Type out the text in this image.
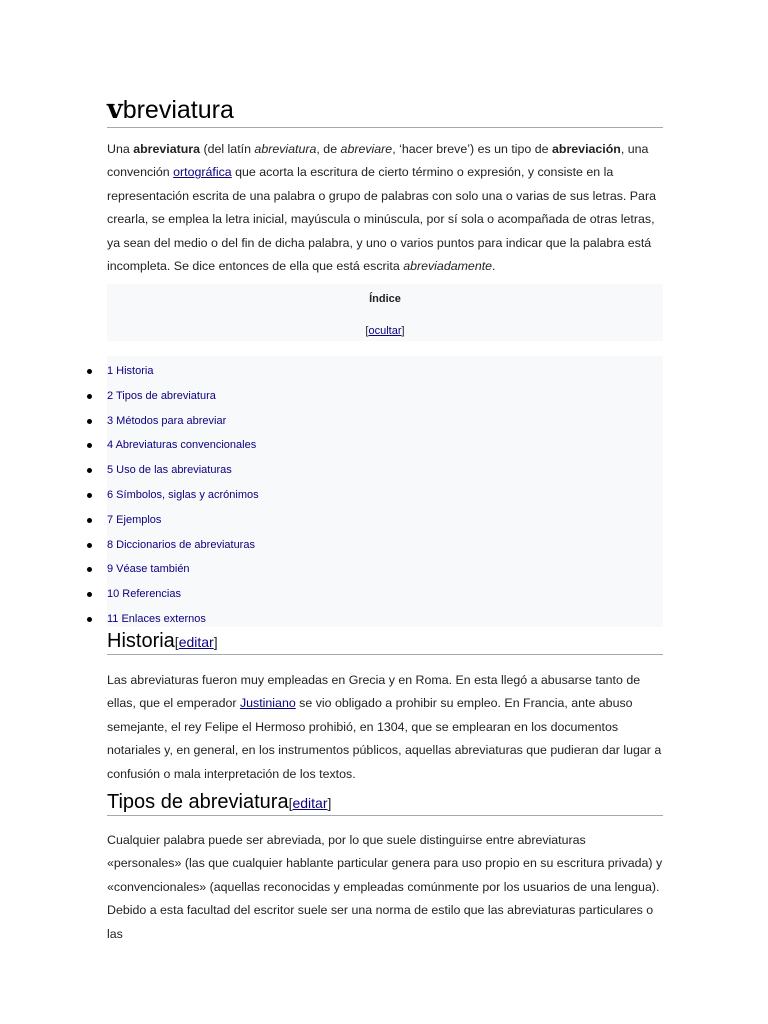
vbreviatura

Una abreviatura (del latín abreviatura, de abreviare, ‘hacer breve’) es un tipo de abreviación, una convención ortográfica que acorta la escritura de cierto término o expresión, y consiste en la representación escrita de una palabra o grupo de palabras con solo una o varias de sus letras. Para crearla, se emplea la letra inicial, mayúscula o minúscula, por sí sola o acompañada de otras letras, ya sean del medio o del fin de dicha palabra, y uno o varios puntos para indicar que la palabra está incompleta. Se dice entonces de ella que está escrita abreviadamente.

Índice
[ocultar]
1 Historia
2 Tipos de abreviatura
3 Métodos para abreviar
4 Abreviaturas convencionales
5 Uso de las abreviaturas
6 Símbolos, siglas y acrónimos
7 Ejemplos
8 Diccionarios de abreviaturas
9 Véase también
10 Referencias
11 Enlaces externos
Historia[editar]

Las abreviaturas fueron muy empleadas en Grecia y en Roma. En esta llegó a abusarse tanto de ellas, que el emperador Justiniano se vio obligado a prohibir su empleo. En Francia, ante abuso semejante, el rey Felipe el Hermoso prohibió, en 1304, que se emplearan en los documentos notariales y, en general, en los instrumentos públicos, aquellas abreviaturas que pudieran dar lugar a confusión o mala interpretación de los textos.

Tipos de abreviatura[editar]

Cualquier palabra puede ser abreviada, por lo que suele distinguirse entre abreviaturas «personales» (las que cualquier hablante particular genera para uso propio en su escritura privada) y «convencionales» (aquellas reconocidas y empleadas comúnmente por los usuarios de una lengua). Debido a esta facultad del escritor suele ser una norma de estilo que las abreviaturas particulares o las
